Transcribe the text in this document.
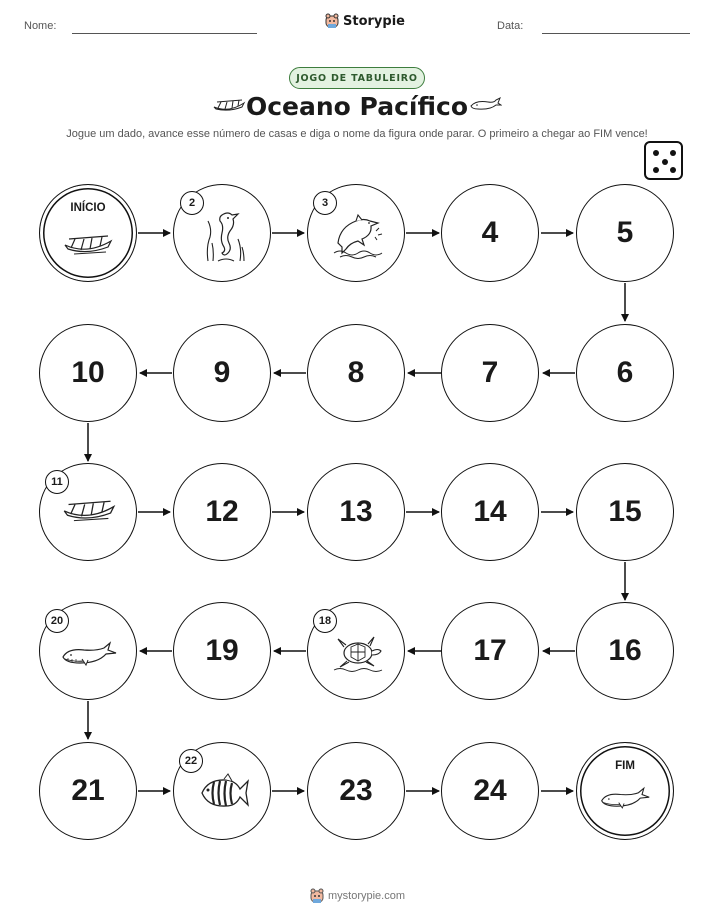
Nome:	Storypie	Data:
JOGO DE TABULEIRO
Oceano Pacífico
Jogue um dado, avance esse número de casas e diga o nome da figura onde parar. O primeiro a chegar ao FIM vence!
INÍCIO	2	3
4	5
6
7
8
9
10
11
12	13	14	15
16
17
18
19
20
21
22
23	24
FIM
mystorypie.com
